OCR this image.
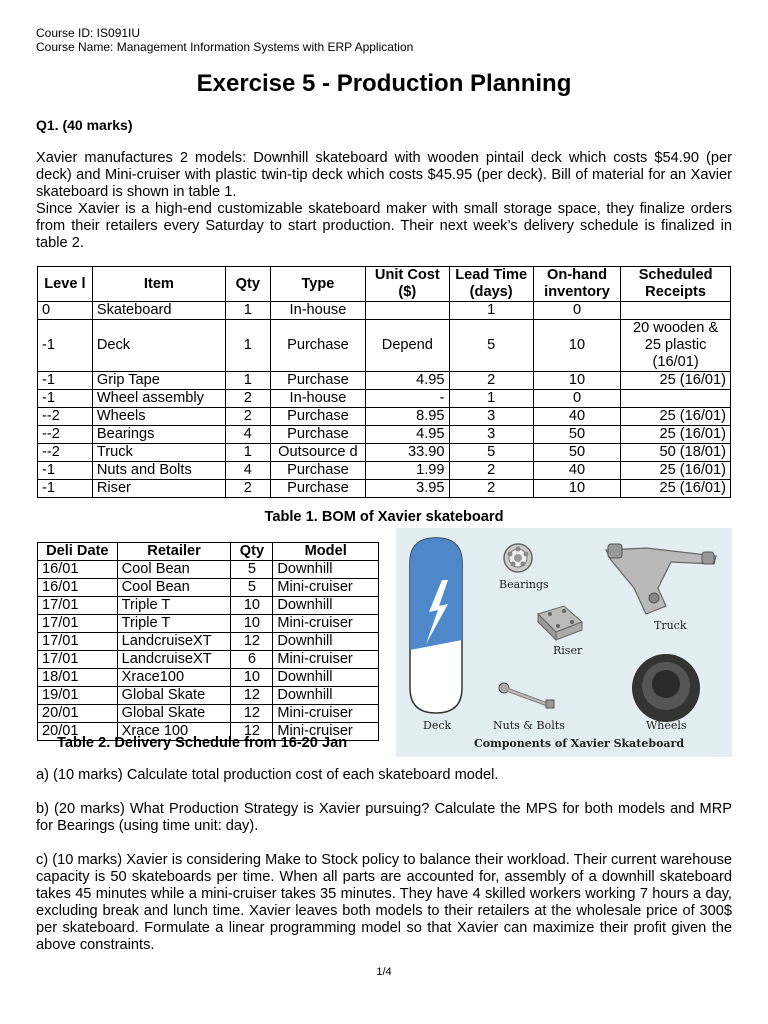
Course ID: IS091IU
Course Name: Management Information Systems with ERP Application
Exercise 5 - Production Planning
Q1. (40 marks)

Xavier manufactures 2 models: Downhill skateboard with wooden pintail deck which costs $54.90 (per deck) and Mini-cruiser with plastic twin-tip deck which costs $45.95 (per deck). Bill of material for an Xavier skateboard is shown in table 1.

Since Xavier is a high-end customizable skateboard maker with small storage space, they finalize orders from their retailers every Saturday to start production. Their next week’s delivery schedule is finalized in table 2.

Leve l	Item	Qty	Type	Unit Cost ($)	Lead Time (days)	On-hand inventory	Scheduled Receipts
0	Skateboard	1	In-house		1	0	
-1	Deck	1	Purchase	Depend	5	10	20 wooden & 25 plastic (16/01)
-1	Grip Tape	1	Purchase	4.95	2	10	25 (16/01)
-1	Wheel assembly	2	In-house	-	1	0	
--2	Wheels	2	Purchase	8.95	3	40	25 (16/01)
--2	Bearings	4	Purchase	4.95	3	50	25 (16/01)
--2	Truck	1	Outsource d	33.90	5	50	50 (18/01)
-1	Nuts and Bolts	4	Purchase	1.99	2	40	25 (16/01)
-1	Riser	2	Purchase	3.95	2	10	25 (16/01)
Table 1. BOM of Xavier skateboard
Deli Date	Retailer	Qty	Model
16/01	Cool Bean	5	Downhill
16/01	Cool Bean	5	Mini-cruiser
17/01	Triple T	10	Downhill
17/01	Triple T	10	Mini-cruiser
17/01	LandcruiseXT	12	Downhill
17/01	LandcruiseXT	6	Mini-cruiser
18/01	Xrace100	10	Downhill
19/01	Global Skate	12	Downhill
20/01	Global Skate	12	Mini-cruiser
20/01	Xrace 100	12	Mini-cruiser
Table 2. Delivery Schedule from 16-20 Jan
Bearings
Truck
Riser
Deck	Nuts & Bolts	Wheels
Components of Xavier Skateboard

a) (10 marks) Calculate total production cost of each skateboard model.

b) (20 marks) What Production Strategy is Xavier pursuing? Calculate the MPS for both models and MRP for Bearings (using time unit: day).

c) (10 marks) Xavier is considering Make to Stock policy to balance their workload. Their current warehouse capacity is 50 skateboards per time. When all parts are accounted for, assembly of a downhill skateboard takes 45 minutes while a mini-cruiser takes 35 minutes. They have 4 skilled workers working 7 hours a day, excluding break and lunch time. Xavier leaves both models to their retailers at the wholesale price of 300$ per skateboard. Formulate a linear programming model so that Xavier can maximize their profit given the above constraints.

1/4
